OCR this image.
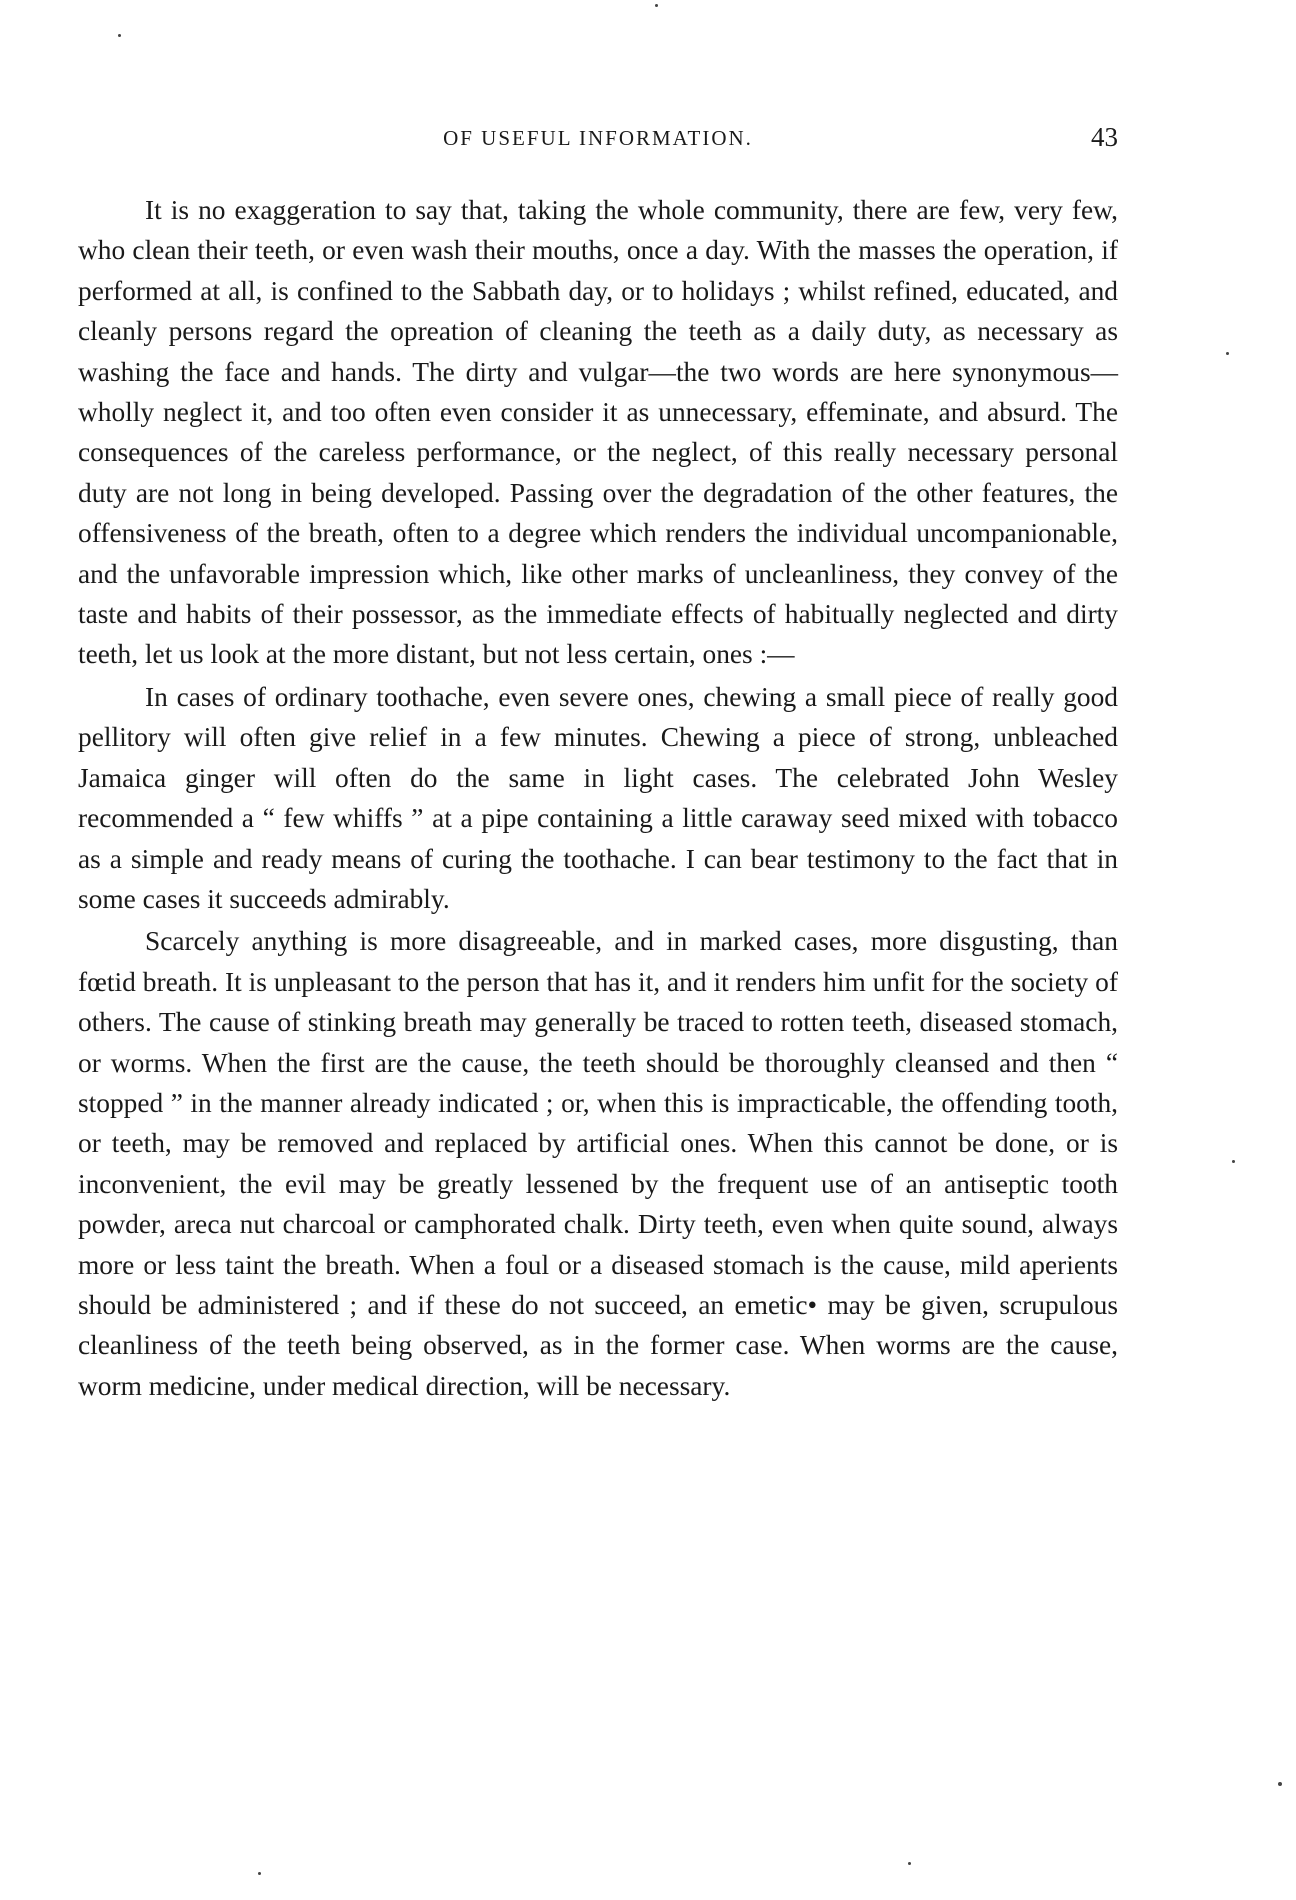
OF USEFUL INFORMATION.	43

It is no exaggeration to say that, taking the whole community, there are few, very few, who clean their teeth, or even wash their mouths, once a day. With the masses the operation, if performed at all, is confined to the Sabbath day, or to holidays ; whilst refined, educated, and cleanly persons regard the opreation of cleaning the teeth as a daily duty, as necessary as washing the face and hands. The dirty and vulgar—the two words are here synonymous—wholly neglect it, and too often even consider it as unnecessary, effeminate, and absurd. The consequences of the careless performance, or the neglect, of this really necessary personal duty are not long in being developed. Passing over the degradation of the other features, the offensiveness of the breath, often to a degree which renders the individual uncompanionable, and the unfavorable impression which, like other marks of uncleanliness, they convey of the taste and habits of their possessor, as the immediate effects of habitually neglected and dirty teeth, let us look at the more distant, but not less certain, ones :—

In cases of ordinary toothache, even severe ones, chewing a small piece of really good pellitory will often give relief in a few minutes. Chewing a piece of strong, unbleached Jamaica ginger will often do the same in light cases. The celebrated John Wesley recommended a “ few whiffs ” at a pipe containing a little caraway seed mixed with tobacco as a simple and ready means of curing the toothache. I can bear testimony to the fact that in some cases it succeeds admirably.

Scarcely anything is more disagreeable, and in marked cases, more disgusting, than fœtid breath. It is unpleasant to the person that has it, and it renders him unfit for the society of others. The cause of stinking breath may generally be traced to rotten teeth, diseased stomach, or worms. When the first are the cause, the teeth should be thoroughly cleansed and then “ stopped ” in the manner already indicated ; or, when this is impracticable, the offending tooth, or teeth, may be removed and replaced by artificial ones. When this cannot be done, or is inconvenient, the evil may be greatly lessened by the frequent use of an antiseptic tooth powder, areca nut charcoal or camphorated chalk. Dirty teeth, even when quite sound, always more or less taint the breath. When a foul or a diseased stomach is the cause, mild aperients should be administered ; and if these do not succeed, an emetic• may be given, scrupulous cleanliness of the teeth being observed, as in the former case. When worms are the cause, worm medicine, under medical direction, will be necessary.
